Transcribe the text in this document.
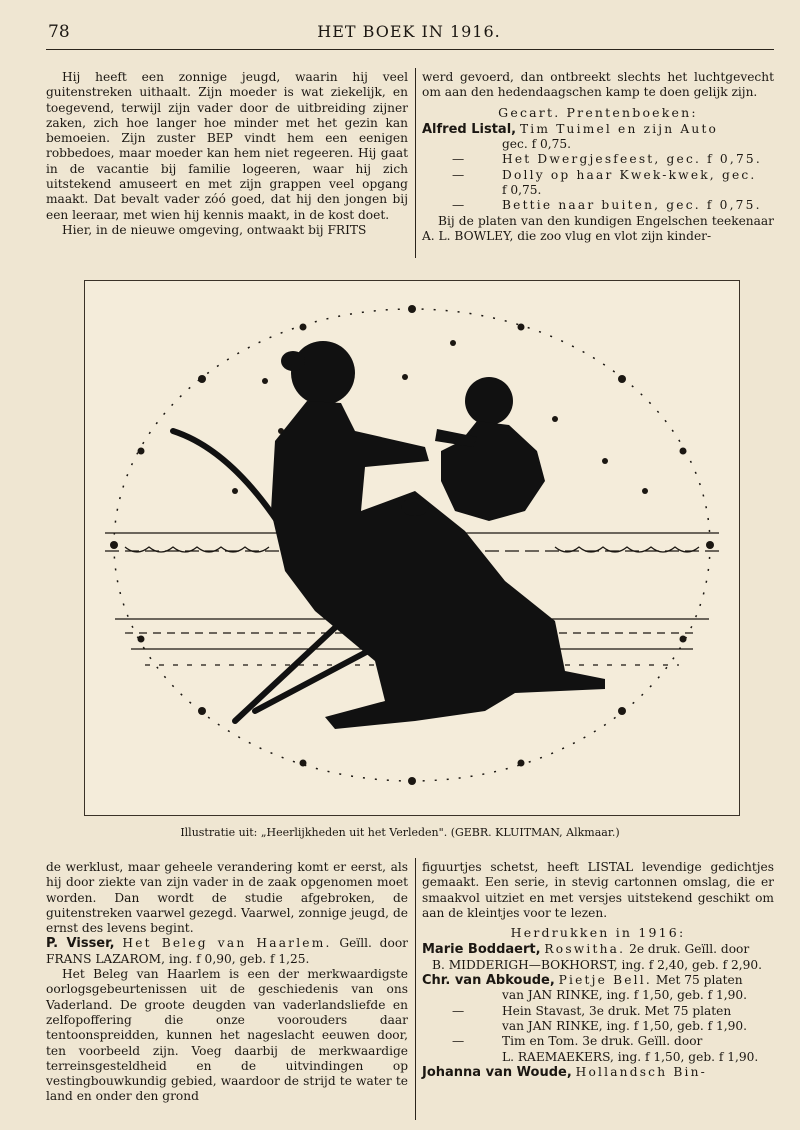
78	HET BOEK IN 1916.

Hij heeft een zonnige jeugd, waarin hij veel guitenstreken uithaalt. Zijn moeder is wat ziekelijk, en toegevend, terwijl zijn vader door de uitbreiding zijner zaken, zich hoe langer hoe minder met het gezin kan bemoeien. Zijn zuster BEP vindt hem een eenigen robbedoes, maar moeder kan hem niet regeeren. Hij gaat in de vacantie bij familie logeeren, waar hij zich uitstekend amuseert en met zijn grappen veel opgang maakt. Dat bevalt vader zóó goed, dat hij den jongen bij een leeraar, met wien hij kennis maakt, in de kost doet.

Hier, in de nieuwe omgeving, ontwaakt bij FRITS

werd gevoerd, dan ontbreekt slechts het luchtgevecht om aan den hedendaagschen kamp te doen gelijk zijn.

Gecart. Prentenboeken:
Alfred Listal, Tim Tuimel en zijn Auto
gec. f 0,75.
—	Het Dwergjesfeest, gec. f 0,75.
—	Dolly op haar Kwek-kwek, gec.
f 0,75.
—	Bettie naar buiten, gec. f 0,75.

Bij de platen van den kundigen Engelschen teekenaar A. L. BOWLEY, die zoo vlug en vlot zijn kinder-

Illustratie uit: „Heerlijkheden uit het Verleden". (GEBR. KLUITMAN, Alkmaar.)

de werklust, maar geheele verandering komt er eerst, als hij door ziekte van zijn vader in de zaak opgenomen moet worden. Dan wordt de studie afgebroken, de guitenstreken vaarwel gezegd. Vaarwel, zonnige jeugd, de ernst des levens begint.

P. Visser, Het Beleg van Haarlem. Geïll. door FRANS LAZAROM, ing. f 0,90, geb. f 1,25.

Het Beleg van Haarlem is een der merkwaardigste oorlogsgebeurtenissen uit de geschiedenis van ons Vaderland. De groote deugden van vaderlandsliefde en zelfopoffering die onze voorouders daar tentoonspreidden, kunnen het nageslacht eeuwen door, ten voorbeeld zijn. Voeg daarbij de merkwaardige terreinsgesteldheid en de uitvindingen op vestingbouwkundig gebied, waardoor de strijd te water te land en onder den grond

figuurtjes schetst, heeft LISTAL levendige gedichtjes gemaakt. Een serie, in stevig cartonnen omslag, die er smaakvol uitziet en met versjes uitstekend geschikt om aan de kleintjes voor te lezen.

Herdrukken in 1916:
Marie Boddaert, Roswitha. 2e druk. Geïll. door
B. MIDDERIGH—BOKHORST, ing. f 2,40, geb. f 2,90.
Chr. van Abkoude, Pietje Bell. Met 75 platen
van JAN RINKE, ing. f 1,50, geb. f 1,90.
—	Hein Stavast, 3e druk. Met 75 platen
van JAN RINKE, ing. f 1,50, geb. f 1,90.
—	Tim en Tom. 3e druk. Geïll. door
L. RAEMAEKERS, ing. f 1,50, geb. f 1,90.
Johanna van Woude, Hollandsch Bin-
